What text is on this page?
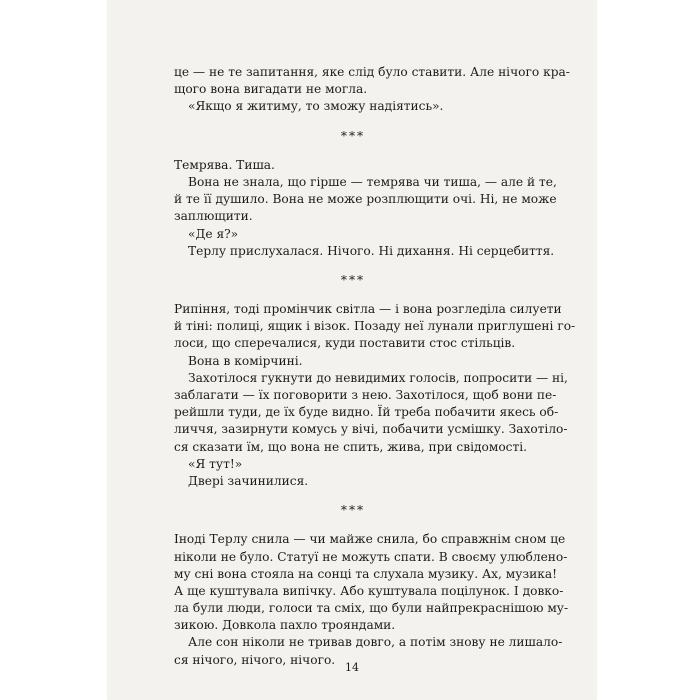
це — не те запитання, яке слід було ставити. Але нічого кра-
щого вона вигадати не могла.
«Якщо я житиму, то зможу надіятись».
***
Темрява. Тиша.
Вона не знала, що гірше — темрява чи тиша, — але й те,
й те її душило. Вона не може розплющити очі. Ні, не може
заплющити.
«Де я?»
Терлу прислухалася. Нічого. Ні дихання. Ні серцебиття.
***
Рипіння, тоді промінчик світла — і вона розгледіла силуети
й тіні: полиці, ящик і візок. Позаду неї лунали приглушені го-
лоси, що сперечалися, куди поставити стос стільців.
Вона в комірчині.
Захотілося гукнути до невидимих голосів, попросити — ні,
заблагати — їх поговорити з нею. Захотілося, щоб вони пе-
рейшли туди, де їх буде видно. Їй треба побачити якесь об-
личчя, зазирнути комусь у вічі, побачити усмішку. Захотіло-
ся сказати їм, що вона не спить, жива, при свідомості.
«Я тут!»
Двері зачинилися.
***
Іноді Терлу снила — чи майже снила, бо справжнім сном це
ніколи не було. Статуї не можуть спати. В своєму улюблено-
му сні вона стояла на сонці та слухала музику. Ах, музика!
А ще куштувала випічку. Або куштувала поцілунок. І довко-
ла були люди, голоси та сміх, що були найпрекраснішою му-
зикою. Довкола пахло трояндами.
Але сон ніколи не тривав довго, а потім знову не лишало-
ся нічого, нічого, нічого.
14
